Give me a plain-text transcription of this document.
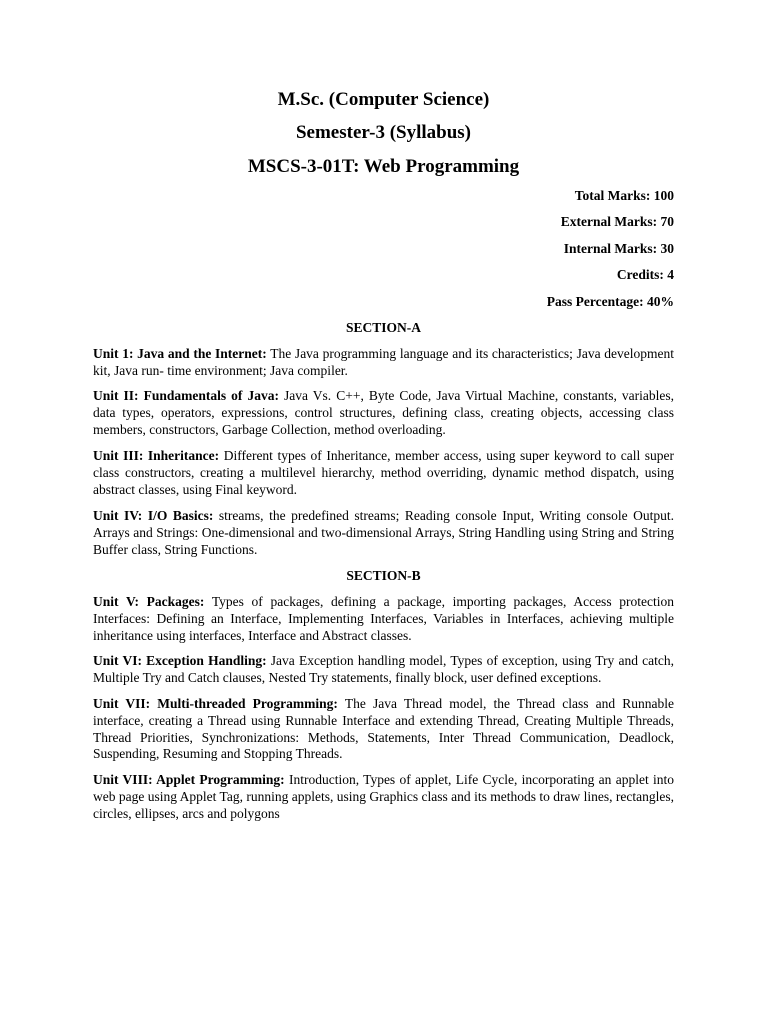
M.Sc. (Computer Science)

Semester-3 (Syllabus)

MSCS-3-01T: Web Programming

Total Marks: 100

External Marks: 70

Internal Marks: 30

Credits: 4

Pass Percentage: 40%

SECTION-A

Unit 1: Java and the Internet: The Java programming language and its characteristics; Java development kit, Java run- time environment; Java compiler.

Unit II: Fundamentals of Java: Java Vs. C++, Byte Code, Java Virtual Machine, constants, variables, data types, operators, expressions, control structures, defining class, creating objects, accessing class members, constructors, Garbage Collection, method overloading.

Unit III: Inheritance: Different types of Inheritance, member access, using super keyword to call super class constructors, creating a multilevel hierarchy, method overriding, dynamic method dispatch, using abstract classes, using Final keyword.

Unit IV: I/O Basics: streams, the predefined streams; Reading console Input, Writing console Output. Arrays and Strings: One-dimensional and two-dimensional Arrays, String Handling using String and String Buffer class, String Functions.

SECTION-B

Unit V: Packages: Types of packages, defining a package, importing packages, Access protection Interfaces: Defining an Interface, Implementing Interfaces, Variables in Interfaces, achieving multiple inheritance using interfaces, Interface and Abstract classes.

Unit VI: Exception Handling: Java Exception handling model, Types of exception, using Try and catch, Multiple Try and Catch clauses, Nested Try statements, finally block, user defined exceptions.

Unit VII: Multi-threaded Programming: The Java Thread model, the Thread class and Runnable interface, creating a Thread using Runnable Interface and extending Thread, Creating Multiple Threads, Thread Priorities, Synchronizations: Methods, Statements, Inter Thread Communication, Deadlock, Suspending, Resuming and Stopping Threads.

Unit VIII: Applet Programming: Introduction, Types of applet, Life Cycle, incorporating an applet into web page using Applet Tag, running applets, using Graphics class and its methods to draw lines, rectangles, circles, ellipses, arcs and polygons
